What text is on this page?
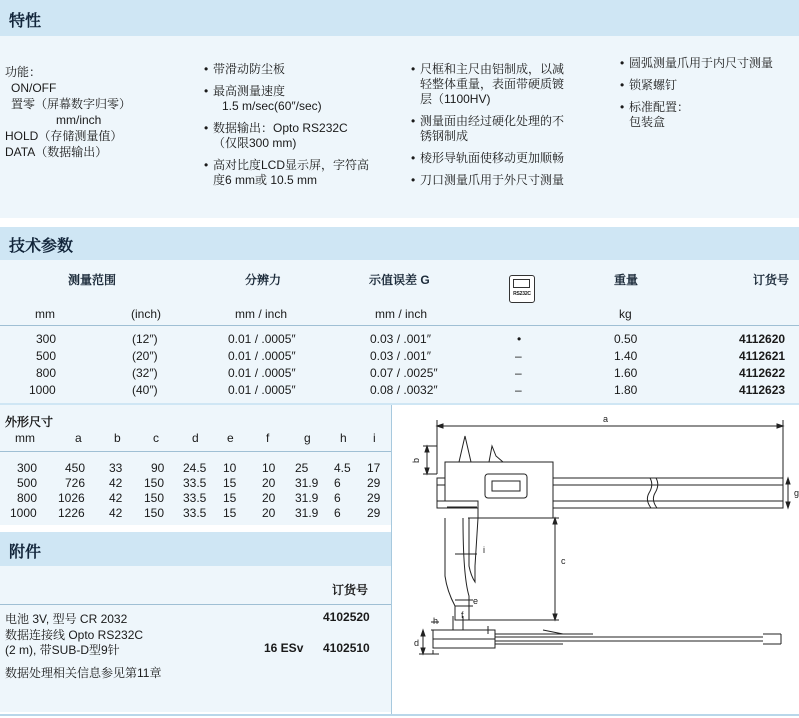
特性
功能：
ON/OFF
置零（屏幕数字归零）
mm/inch
HOLD（存储测量值）
DATA（数据输出）
• 带滑动防尘板
• 最高测量速度
1.5 m/sec(60″/sec)
• 数据输出：Opto RS232C
（仅限300 mm)
• 高对比度LCD显示屏，字符高
度6 mm或 10.5 mm
• 尺框和主尺由铝制成，以减
轻整体重量，表面带硬质镀
层（1100HV)
• 测量面由经过硬化处理的不
锈钢制成
• 棱形导轨面使移动更加顺畅
• 刀口测量爪用于外尺寸测量
• 圆弧测量爪用于内尺寸测量
• 锁紧螺钉
• 标准配置：
包装盒
技术参数
测量范围	分辨力	示值误差 G
RS232C
重量	订货号
mm	(inch)	mm / inch	mm / inch	kg
300	(12″)	0.01 / .0005″	0.03 / .001″	•	0.50	4112620
500	(20″)	0.01 / .0005″	0.03 / .001″	–	1.40	4112621
800	(32″)	0.01 / .0005″	0.07 / .0025″	–	1.60	4112622
1000	(40″)	0.01 / .0005″	0.08 / .0032″	–	1.80	4112623
外形尺寸
mm	a	b	c	d e	f	g h i
300 450 33 90 24.5 10 10 25 4.5 17
500 726 42 150 33.5 15 20 31.9 6 29
800 1026 42 150 33.5 15 20 31.9 6 29
1000 1226 42 150 33.5 15 20 31.9 6 29
附件
订货号
电池 3V, 型号 CR 2032	4102520
数据连接线 Opto RS232C
(2 m), 带SUB-D型9针	16 ESv 4102510
数据处理相关信息参见第11章
a
b
g
c
i
e
f
d
h
